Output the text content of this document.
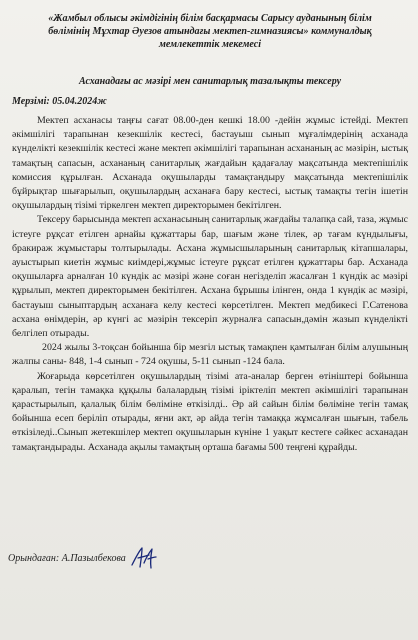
«Жамбыл облысы әкімдігінің білім басқармасы Сарысу ауданының білім
бөлімінің Мұхтар Әуезов атындағы мектеп-гимназиясы» коммуналдық
мемлекеттік мекемесі
Асханадағы ас мәзірі мен санитарлық тазалықты тексеру
Мерзімі: 05.04.2024ж

Мектеп асханасы таңғы сағат 08.00-ден кешкі 18.00 -дейін жұмыс істейді. Мектеп әкімшілігі тарапынан кезекшілік кестесі, бастауыш сынып мұғалімдерінің асханада күнделікті кезекшілік кестесі және мектеп әкімшілігі тарапынан асхананың ас мәзірін, ыстық тамақтың сапасын, асхананың санитарлық жағдайын қадағалау мақсатында мектепішілік комиссия құрылған. Асханада оқушыларды тамақтандыру мақсатында мектепішілік бұйрықтар шығарылып, оқушылардың асханаға бару кестесі, ыстық тамақты тегін ішетін оқушылардың тізімі тіркелген мектеп директорымен бекітілген.

Тексеру барысында мектеп асханасының санитарлық жағдайы талапқа сай, таза, жұмыс істеуге рұқсат етілген арнайы құжаттары бар, шағым және тілек, әр тағам күндылығы, бракираж жұмыстары толтырылады. Асхана жұмысшыларының санитарлық кітапшалары, ауыстырып киетін жұмыс киімдері,жұмыс істеуге рұқсат етілген құжаттары бар. Асханада оқушыларға арналған 10 күндік ас мәзірі және соған негізделіп жасалған 1 күндік ас мәзірі құрылып, мектеп директорымен бекітілген. Асхана бұрышы ілінген, онда 1 күндік ас мәзірі, бастауыш сыныптардың асханаға келу кестесі көрсетілген. Мектеп медбикесі Г.Сатенова асхана өнімдерін, әр күнгі ас мәзірін тексеріп журналға сапасын,дәмін жазып күнделікті белгілеп отырады.

2024 жылы 3-тоқсан бойынша бір мезгіл ыстық тамақпен қамтылған білім алушының жалпы саны- 848, 1-4 сынып - 724 оқушы, 5-11 сынып -124 бала.

Жоғарыда көрсетілген оқушылардың тізімі ата-аналар берген өтініштері бойынша қаралып, тегін тамақка құқылы балалардың тізімі іріктеліп мектеп әкімшілігі тарапынан қарастырылып, қалалық білім бөліміне өткізілді.. Әр ай сайын білім бөліміне тегін тамақ бойынша есеп беріліп отырады, яғни акт, әр айда тегін тамаққа жұмсалған шығын, табель өткізіледі..Сынып жетекшілер мектеп оқушыларын күніне 1 уақыт кестеге сәйкес асханадан тамақтандырады. Асханада ақылы тамақтың орташа бағамы 500 теңгені құрайды.

Орындаған: А.Пазылбекова
